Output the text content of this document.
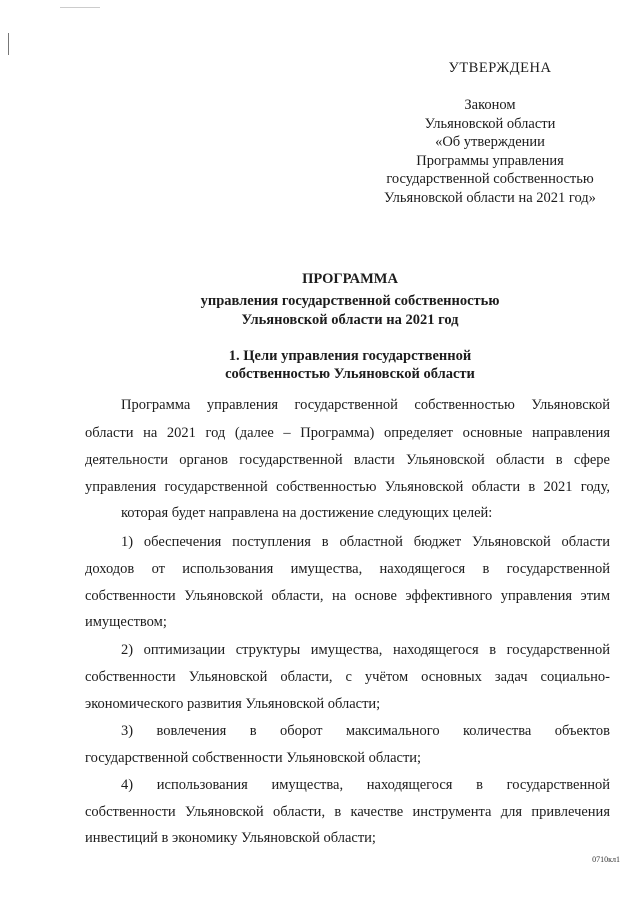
УТВЕРЖДЕНА
Законом
Ульяновской области
«Об утверждении
Программы управления
государственной собственностью
Ульяновской области на 2021 год»
ПРОГРАММА
управления государственной собственностью
Ульяновской области на 2021 год
1. Цели управления государственной
собственностью Ульяновской области
Программа управления государственной собственностью Ульяновской
области на 2021 год (далее – Программа) определяет основные направления
деятельности органов государственной власти Ульяновской области в сфере
управления государственной собственностью Ульяновской области в 2021 году,
которая будет направлена на достижение следующих целей:
1) обеспечения поступления в областной бюджет Ульяновской области
доходов от использования имущества, находящегося в государственной
собственности Ульяновской области, на основе эффективного управления этим
имуществом;
2) оптимизации структуры имущества, находящегося в государственной
собственности Ульяновской области, с учётом основных задач социально-
экономического развития Ульяновской области;
3) вовлечения в оборот максимального количества объектов
государственной собственности Ульяновской области;
4) использования имущества, находящегося в государственной
собственности Ульяновской области, в качестве инструмента для привлечения
инвестиций в экономику Ульяновской области;
0710кл1
